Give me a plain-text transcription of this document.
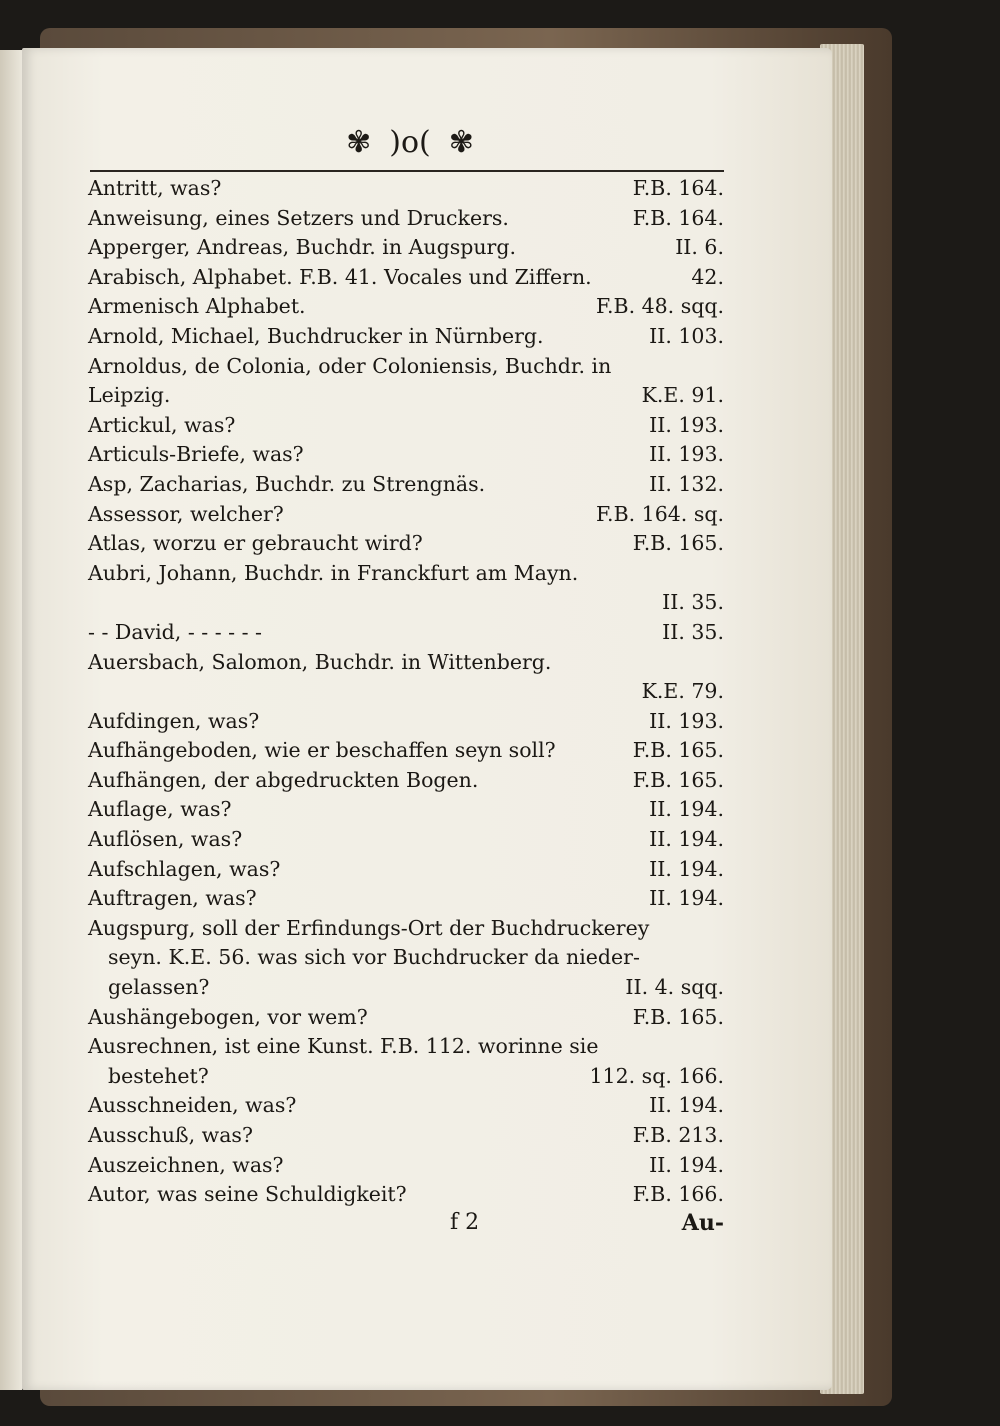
✾ )o( ✾
Antritt, was?	F.B. 164.
Anweisung, eines Setzers und Druckers.	F.B. 164.
Apperger, Andreas, Buchdr. in Augspurg.	II. 6.
Arabisch, Alphabet. F.B. 41. Vocales und Ziffern.	42.
Armenisch Alphabet.	F.B. 48. sqq.
Arnold, Michael, Buchdrucker in Nürnberg.	II. 103.
Arnoldus, de Colonia, oder Coloniensis, Buchdr. in
Leipzig.	K.E. 91.
Artickul, was?	II. 193.
Articuls-Briefe, was?	II. 193.
Asp, Zacharias, Buchdr. zu Strengnäs.	II. 132.
Assessor, welcher?	F.B. 164. sq.
Atlas, worzu er gebraucht wird?	F.B. 165.
Aubri, Johann, Buchdr. in Franckfurt am Mayn.
II. 35.
- - David, - - - - - -	II. 35.
Auersbach, Salomon, Buchdr. in Wittenberg.
K.E. 79.
Aufdingen, was?	II. 193.
Aufhängeboden, wie er beschaffen seyn soll?	F.B. 165.
Aufhängen, der abgedruckten Bogen.	F.B. 165.
Auflage, was?	II. 194.
Auflösen, was?	II. 194.
Aufschlagen, was?	II. 194.
Auftragen, was?	II. 194.
Augspurg, soll der Erfindungs-Ort der Buchdruckerey
seyn. K.E. 56. was sich vor Buchdrucker da nieder-
gelassen?	II. 4. sqq.
Aushängebogen, vor wem?	F.B. 165.
Ausrechnen, ist eine Kunst. F.B. 112. worinne sie
bestehet?	112. sq. 166.
Ausschneiden, was?	II. 194.
Ausschuß, was?	F.B. 213.
Auszeichnen, was?	II. 194.
Autor, was seine Schuldigkeit?	F.B. 166.
f 2	Au-
